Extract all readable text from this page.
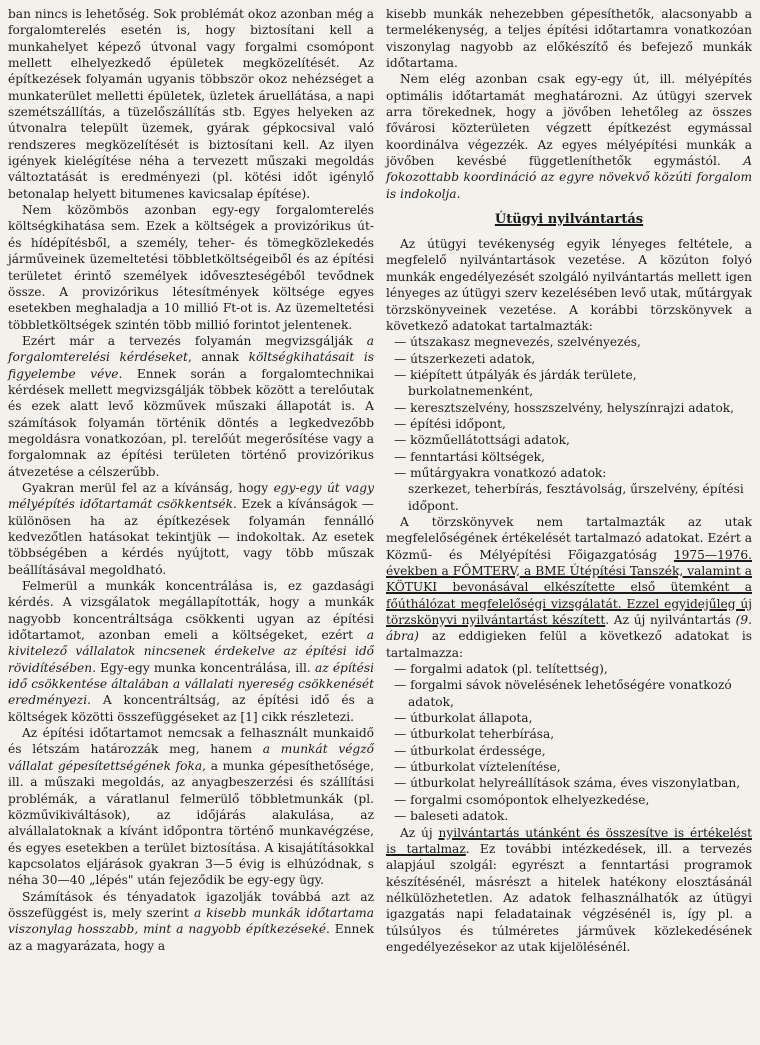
ban nincs is lehetőség. Sok problémát okoz azonban még a forgalomterelés esetén is, hogy biztosítani kell a munkahelyet képező útvonal vagy forgalmi csomópont mellett elhelyezkedő épületek megközelítését. Az építkezések folyamán ugyanis többször okoz nehézséget a munkaterület melletti épületek, üzletek áruellátása, a napi szemétszállítás, a tüzelőszállítás stb. Egyes helyeken az útvonalra települt üzemek, gyárak gépkocsival való rendszeres megközelítését is biztosítani kell. Az ilyen igények kielégítése néha a tervezett műszaki megoldás változtatását is eredményezi (pl. kötési időt igénylő betonalap helyett bitumenes kavicsalap építése).

Nem közömbös azonban egy-egy forgalomterelés költségkihatása sem. Ezek a költségek a provizórikus út- és hídépítésből, a személy, teher- és tömegközlekedés járműveinek üzemeltetési többletköltségeiből és az építési területet érintő személyek időveszteségéből tevődnek össze. A provizórikus létesítmények költsége egyes esetekben meghaladja a 10 millió Ft-ot is. Az üzemeltetési többletköltségek szintén több millió forintot jelentenek.

Ezért már a tervezés folyamán megvizsgálják a forgalomterelési kérdéseket, annak költségkihatásait is figyelembe véve. Ennek során a forgalomtechnikai kérdések mellett megvizsgálják többek között a terelőutak és ezek alatt levő közművek műszaki állapotát is. A számítások folyamán történik döntés a legkedvezőbb megoldásra vonatkozóan, pl. terelőút megerősítése vagy a forgalomnak az építési területen történő provizórikus átvezetése a célszerűbb.

Gyakran merül fel az a kívánság, hogy egy-egy út vagy mélyépítés időtartamát csökkentsék. Ezek a kívánságok — különösen ha az építkezések folyamán fennálló kedvezőtlen hatásokat tekintjük — indokoltak. Az esetek többségében a kérdés nyújtott, vagy több műszak beállításával megoldható.

Felmerül a munkák koncentrálása is, ez gazdasági kérdés. A vizsgálatok megállapították, hogy a munkák nagyobb koncentráltsága csökkenti ugyan az építési időtartamot, azonban emeli a költségeket, ezért a kivitelező vállalatok nincsenek érdekelve az építési idő rövidítésében. Egy-egy munka koncentrálása, ill. az építési idő csökkentése általában a vállalati nyereség csökkenését eredményezi. A koncentráltság, az építési idő és a költségek közötti összefüggéseket az [1] cikk részletezi.

Az építési időtartamot nemcsak a felhasznált munkaidő és létszám határozzák meg, hanem a munkát végző vállalat gépesítettségének foka, a munka gépesíthetősége, ill. a műszaki megoldás, az anyagbeszerzési és szállítási problémák, a váratlanul felmerülő többletmunkák (pl. közművikiváltások), az időjárás alakulása, az alvállalatoknak a kívánt időpontra történő munkavégzése, és egyes esetekben a terület biztosítása. A kisajátításokkal kapcsolatos eljárások gyakran 3—5 évig is elhúzódnak, s néha 30—40 „lépés" után fejeződik be egy-egy ügy.

Számítások és tényadatok igazolják továbbá azt az összefüggést is, mely szerint a kisebb munkák időtartama viszonylag hosszabb, mint a nagyobb építkezéseké. Ennek az a magyarázata, hogy a

kisebb munkák nehezebben gépesíthetők, alacsonyabb a termelékenység, a teljes építési időtartamra vonatkozóan viszonylag nagyobb az előkészítő és befejező munkák időtartama.

Nem elég azonban csak egy-egy út, ill. mélyépítés optimális időtartamát meghatározni. Az útügyi szervek arra törekednek, hogy a jövőben lehetőleg az összes fővárosi közterületen végzett építkezést egymással koordinálva végezzék. Az egyes mélyépítési munkák a jövőben kevésbé függetleníthetők egymástól. A fokozottabb koordináció az egyre növekvő közúti forgalom is indokolja.

Útügyi nyilvántartás

Az útügyi tevékenység egyik lényeges feltétele, a megfelelő nyilvántartások vezetése. A közúton folyó munkák engedélyezését szolgáló nyilvántartás mellett igen lényeges az útügyi szerv kezelésében levő utak, műtárgyak törzskönyveinek vezetése. A korábbi törzskönyvek a következő adatokat tartalmazták:

— útszakasz megnevezés, szelvényezés,
— útszerkezeti adatok,
— kiépített útpályák és járdák területe, burkolatnemenként,
— keresztszelvény, hosszszelvény, helyszínrajzi adatok,
— építési időpont,
— közműellátottsági adatok,
— fenntartási költségek,
— műtárgyakra vonatkozó adatok:
szerkezet, teherbírás, fesztávolság, űrszelvény, építési időpont.

A törzskönyvek nem tartalmazták az utak megfelelőségének értékelését tartalmazó adatokat. Ezért a Közmű- és Mélyépítési Főigazgatóság 1975—1976. években a FŐMTERV, a BME Útépítési Tanszék, valamint a KÖTUKI bevonásával elkészítette első ütemként a főúthálózat megfelelőségi vizsgálatát. Ezzel egyidejűleg új törzskönyvi nyilvántartást készített. Az új nyilvántartás (9. ábra) az eddigieken felül a következő adatokat is tartalmazza:

— forgalmi adatok (pl. telítettség),
— forgalmi sávok növelésének lehetőségére vonatkozó adatok,
— útburkolat állapota,
— útburkolat teherbírása,
— útburkolat érdessége,
— útburkolat víztelenítése,
— útburkolat helyreállítások száma, éves viszonylatban,
— forgalmi csomópontok elhelyezkedése,
— baleseti adatok.

Az új nyilvántartás utánként és összesítve is értékelést is tartalmaz. Ez további intézkedések, ill. a tervezés alapjául szolgál: egyrészt a fenntartási programok készítésénél, másrészt a hitelek hatékony elosztásánál nélkülözhetetlen. Az adatok felhasználhatók az útügyi igazgatás napi feladatainak végzésénél is, így pl. a túlsúlyos és túlméretes járművek közlekedésének engedélyezésekor az utak kijelölésénél.
